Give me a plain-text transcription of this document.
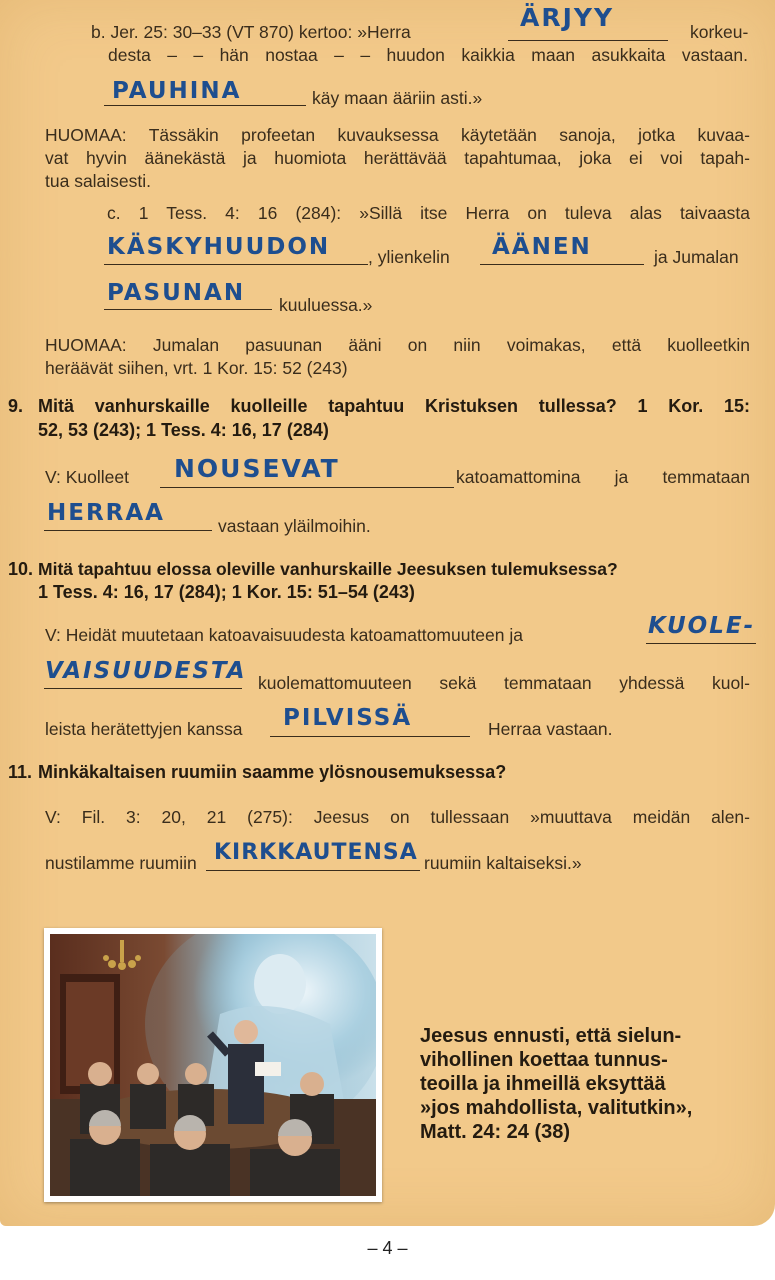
b. Jer. 25: 30–33 (VT 870) kertoo: »Herra	ÄRJYY	korkeu-
desta – – hän nostaa – – huudon kaikkia maan asukkaita vastaan.
PAUHINA	käy maan ääriin asti.»
HUOMAA: Tässäkin profeetan kuvauksessa käytetään sanoja, jotka kuvaa-
vat hyvin äänekästä ja huomiota herättävää tapahtumaa, joka ei voi tapah-
tua salaisesti.
c. 1 Tess. 4: 16 (284): »Sillä itse Herra on tuleva alas taivaasta
KÄSKYHUUDON , ylienkelin ÄÄNEN	ja Jumalan
PASUNAN kuuluessa.»
HUOMAA: Jumalan pasuunan ääni on niin voimakas, että kuolleetkin
heräävät siihen, vrt. 1 Kor. 15: 52 (243)
9. Mitä vanhurskaille kuolleille tapahtuu Kristuksen tullessa? 1 Kor. 15:
52, 53 (243); 1 Tess. 4: 16, 17 (284)
V: Kuolleet NOUSEVAT	katoamattomina ja temmataan
HERRAA	vastaan yläilmoihin.
10. Mitä tapahtuu elossa oleville vanhurskaille Jeesuksen tulemuksessa?
1 Tess. 4: 16, 17 (284); 1 Kor. 15: 51–54 (243)
V: Heidät muutetaan katoavaisuudesta katoamattomuuteen ja	KUOLE-
VAISUUDESTA kuolemattomuuteen sekä temmataan yhdessä kuol-
leista herätettyjen kanssa PILVISSÄ	Herraa vastaan.
11. Minkäkaltaisen ruumiin saamme ylösnousemuksessa?
V: Fil. 3: 20, 21 (275): Jeesus on tullessaan »muuttava meidän alen-
nustilamme ruumiin KIRKKAUTENSA ruumiin kaltaiseksi.»
Jeesus ennusti, että sielun-
vihollinen koettaa tunnus-
teoilla ja ihmeillä eksyttää
»jos mahdollista, valitutkin»,
Matt. 24: 24 (38)
– 4 –
